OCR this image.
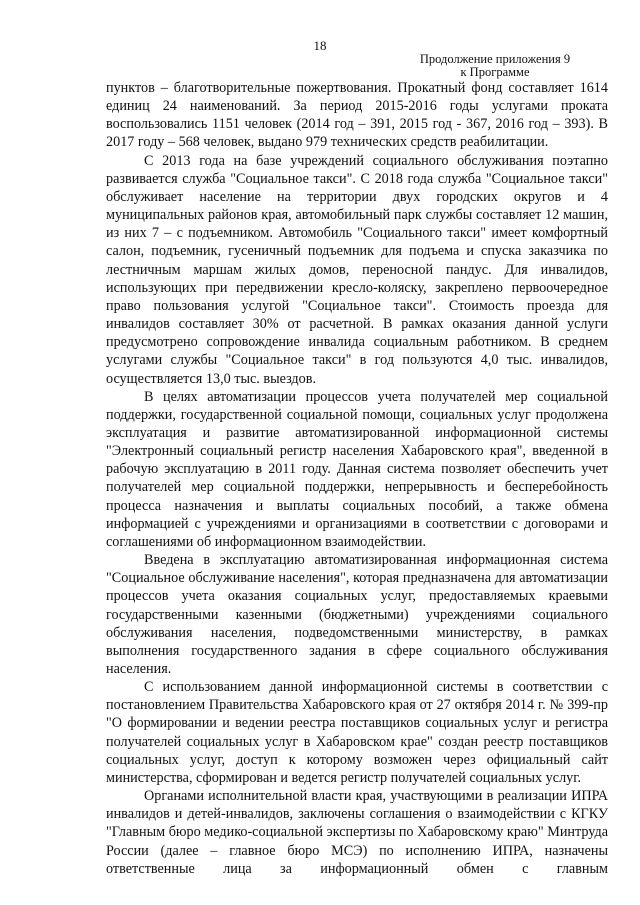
18
Продолжение приложения 9
к Программе

пунктов – благотворительные пожертвования. Прокатный фонд составляет 1614 единиц 24 наименований. За период 2015-2016 годы услугами проката воспользовались 1151 человек (2014 год – 391, 2015 год - 367, 2016 год – 393). В 2017 году – 568 человек, выдано 979 технических средств реабилитации.

С 2013 года на базе учреждений социального обслуживания поэтапно развивается служба "Социальное такси". С 2018 года служба "Социальное такси" обслуживает население на территории двух городских округов и 4 муниципальных районов края, автомобильный парк службы составляет 12 машин, из них 7 – с подъемником. Автомобиль "Социального такси" имеет комфортный салон, подъемник, гусеничный подъемник для подъема и спуска заказчика по лестничным маршам жилых домов, переносной пандус. Для инвалидов, использующих при передвижении кресло-коляску, закреплено первоочередное право пользования услугой "Социальное такси". Стоимость проезда для инвалидов составляет 30% от расчетной. В рамках оказания данной услуги предусмотрено сопровождение инвалида социальным работником. В среднем услугами службы "Социальное такси" в год пользуются 4,0 тыс. инвалидов, осуществляется 13,0 тыс. выездов.

В целях автоматизации процессов учета получателей мер социальной поддержки, государственной социальной помощи, социальных услуг продолжена эксплуатация и развитие автоматизированной информационной системы "Электронный социальный регистр населения Хабаровского края", введенной в рабочую эксплуатацию в 2011 году. Данная система позволяет обеспечить учет получателей мер социальной поддержки, непрерывность и бесперебойность процесса назначения и выплаты социальных пособий, а также обмена информацией с учреждениями и организациями в соответствии с договорами и соглашениями об информационном взаимодействии.

Введена в эксплуатацию автоматизированная информационная система "Социальное обслуживание населения", которая предназначена для автоматизации процессов учета оказания социальных услуг, предоставляемых краевыми государственными казенными (бюджетными) учреждениями социального обслуживания населения, подведомственными министерству, в рамках выполнения государственного задания в сфере социального обслуживания населения.

С использованием данной информационной системы в соответствии с постановлением Правительства Хабаровского края от 27 октября 2014 г. № 399-пр "О формировании и ведении реестра поставщиков социальных услуг и регистра получателей социальных услуг в Хабаровском крае" создан реестр поставщиков социальных услуг, доступ к которому возможен через официальный сайт министерства, сформирован и ведется регистр получателей социальных услуг.

Органами исполнительной власти края, участвующими в реализации ИПРА инвалидов и детей-инвалидов, заключены соглашения о взаимодействии с КГКУ "Главным бюро медико-социальной экспертизы по Хабаровскому краю" Минтруда России (далее – главное бюро МСЭ) по исполнению ИПРА, назначены ответственные лица за информационный обмен с главным
